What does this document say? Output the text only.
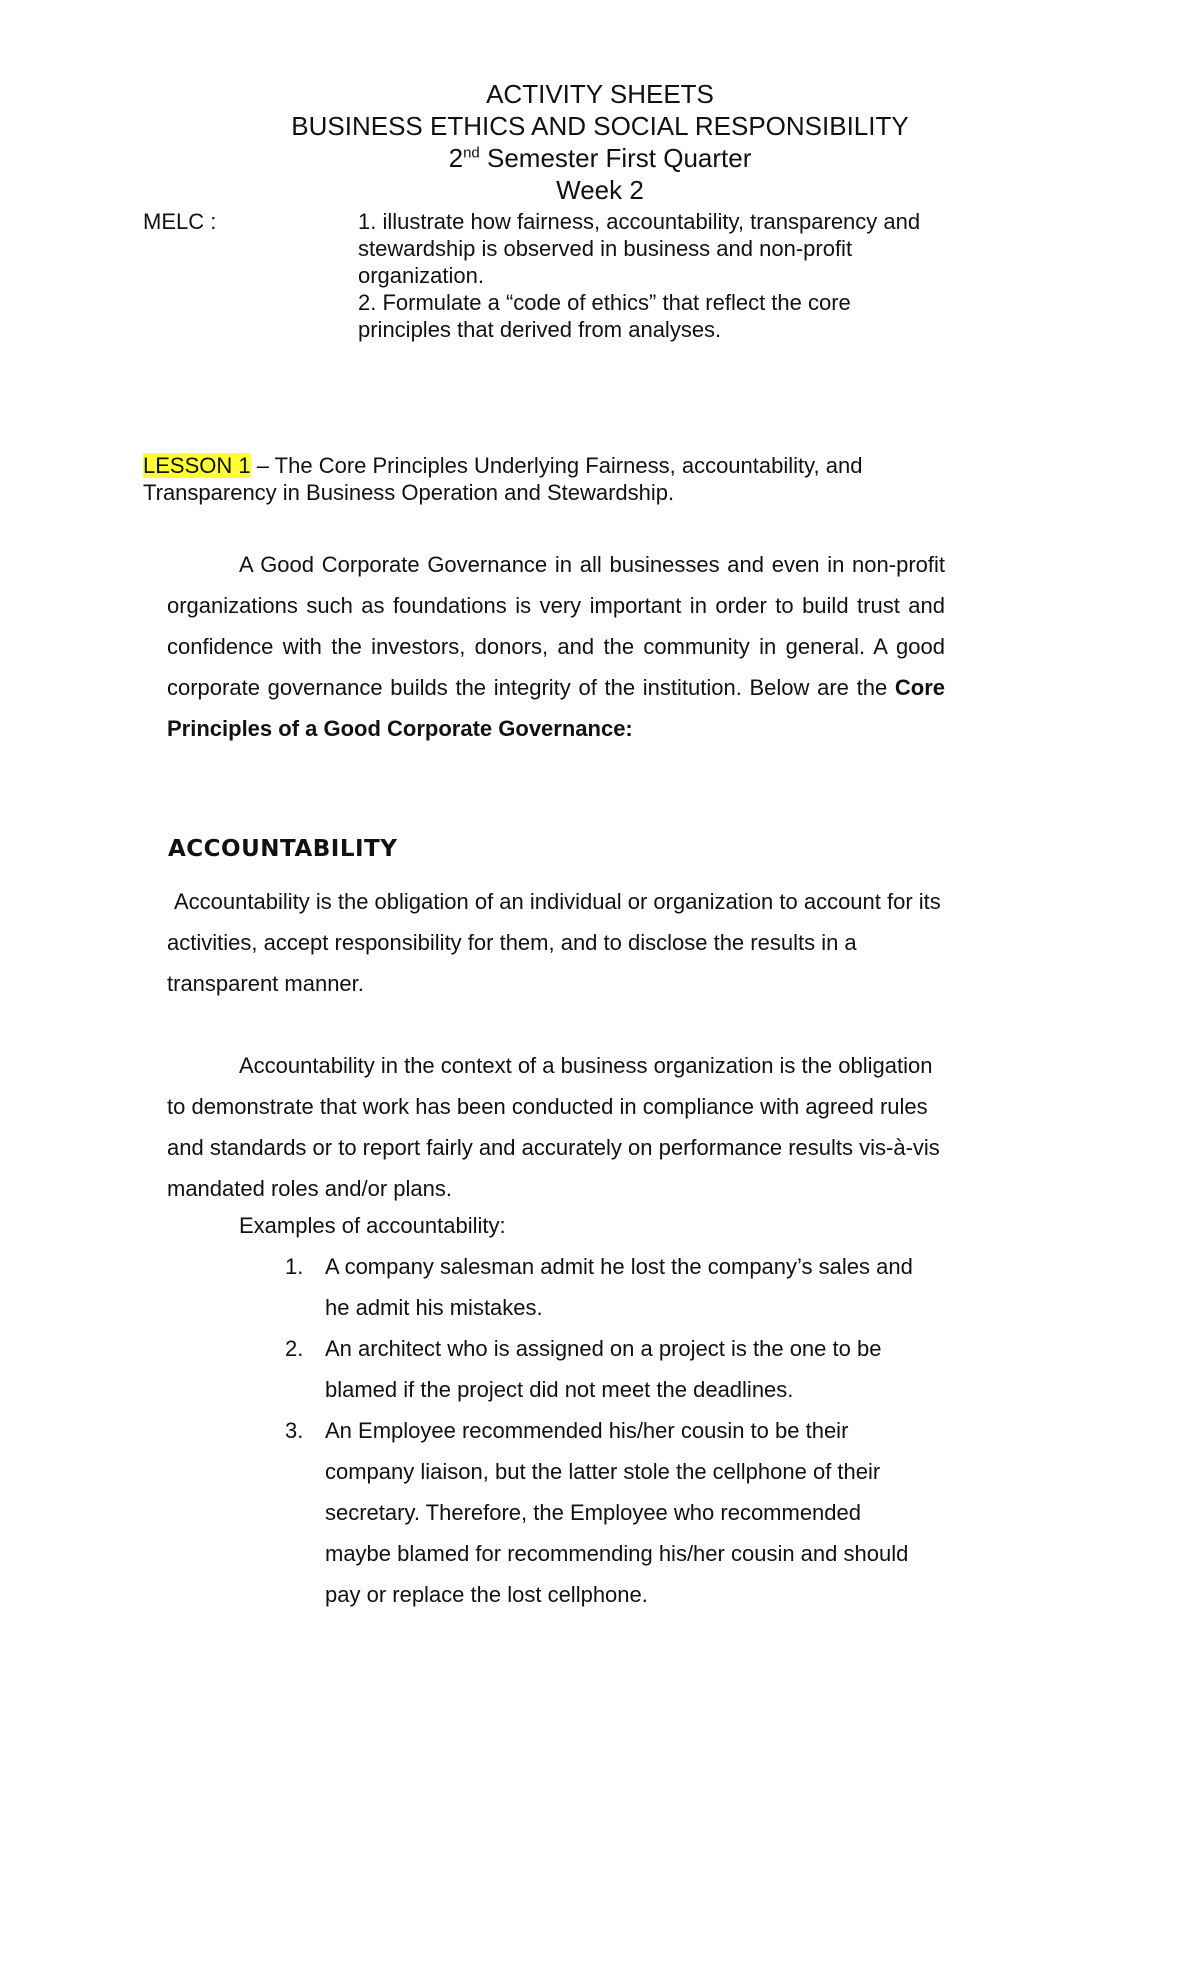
ACTIVITY SHEETS
BUSINESS ETHICS AND SOCIAL RESPONSIBILITY
2nd Semester First Quarter
Week 2
MELC :	1. illustrate how fairness, accountability, transparency and stewardship is observed in business and non-profit organization.
2. Formulate a “code of ethics” that reflect the core principles that derived from analyses.
LESSON 1 – The Core Principles Underlying Fairness, accountability, and Transparency in Business Operation and Stewardship.
A Good Corporate Governance in all businesses and even in non-profit organizations such as foundations is very important in order to build trust and confidence with the investors, donors, and the community in general. A good corporate governance builds the integrity of the institution. Below are the Core Principles of a Good Corporate Governance:
ACCOUNTABILITY
Accountability is the obligation of an individual or organization to account for its activities, accept responsibility for them, and to disclose the results in a transparent manner.
Accountability in the context of a business organization is the obligation to demonstrate that work has been conducted in compliance with agreed rules and standards or to report fairly and accurately on performance results vis-à-vis mandated roles and/or plans.
Examples of accountability:
1. A company salesman admit he lost the company’s sales and he admit his mistakes.
2. An architect who is assigned on a project is the one to be blamed if the project did not meet the deadlines.
3. An Employee recommended his/her cousin to be their company liaison, but the latter stole the cellphone of their secretary. Therefore, the Employee who recommended maybe blamed for recommending his/her cousin and should pay or replace the lost cellphone.
